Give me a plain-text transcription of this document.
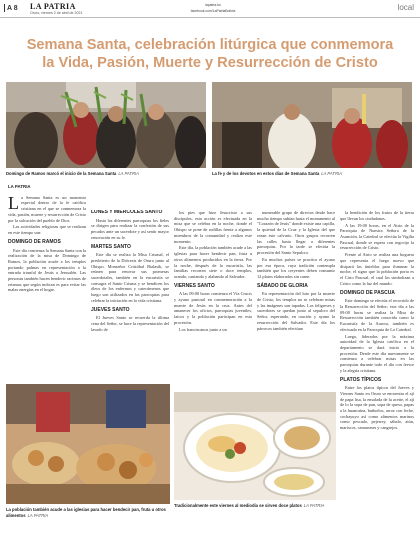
A 8 LA PATRIA
Oruro, viernes 2 de abril de 2021
lapatria.bo
facebook.com/LaPatriaBolivia	local
Semana Santa, celebración litúrgica que conmemora la Vida, Pasión, Muerte y Resurrección de Cristo
Domingo de Ramos marcó el inicio de la Semana Santa LA PATRIA	La fe y de los devotos en estos días de Semana Santa LA PATRIA
LA PATRIA

La Semana Santa es un momento especial dentro de la fe católica cristiana en el que se conmemora la vida, pasión, muerte y resurrección de Cristo por la salvación del pueblo de Dios.

Las actividades religiosas que se realizan en este tiempo son:

DOMINGO DE RAMOS

Este día comienza la Semana Santa con la realización de la misa de Domingo de Ramos, la población acude a los templos portando palmas en representación a la entrada triunfal de Jesús a Jerusalén. Las personas también hacen bendecir racimos de retamas que según indican es para evitar las malas energías en el hogar.

LUNES Y MIÉRCOLES SANTO

Hasta las diferentes parroquias los fieles se dirigen para realizar la confesión de sus pecados ante un sacerdote y así sentir mayor renovación en su fe.

MARTES SANTO

Este día se realiza la Misa Crismal, el presbiterio de la Diócesis de Oruro junto al Obispo, Monseñor Cristóbal Bialasik, se reúnen para renovar sus promesas sacerdotales, también en la eucaristía se consagra el Santo Crisma y se bendicen los óleos de los enfermos y catecúmenos que luego son utilizados en las parroquias para celebrar la iniciación en la vida cristiana.

JUEVES SANTO

El Jueves Santo se recuerda la última cena del Señor, se hace la representación del lavado de

los pies que hizo Jesucristo a sus discípulos, esta acción es efectuada en la misa que se celebra en la noche, donde el Obispo se pone de rodillas frente a algunos miembros de la comunidad y realiza este momento.

Este día, la población también acude a las iglesias para hacer bendecir pan, fruta u otros alimentos producidos en la tierra. Por la noche, después de la eucaristía, las familias recorren siete o doce templos, orando, cantando y alabando al Salvador.

VIERNES SANTO

A las 09:00 horas comienza el Vía Crucis y ayuno pastoral en conmemoración a la muerte de Jesús en la cruz. Antes del amanecer los oficios, parroquias juveniles, laicos y la población participan en esta procesión.

Los franciscanos junto a un

numerable grupo de directos desde hace mucho tiempo subían hasta el monumento al "Corazón de Jesús" donde existe una capilla, la quietud de la Cruz y la Iglesia del que rezan este calvario. Otros grupos recorren las calles hasta llegar a diferentes parroquias. Por la tarde se efectúa la procesión del Santo Sepulcro.

En muchos países se practica el ayuno por esa época, cuya tradición contempla también que los creyentes deben consumir 12 platos elaborados sin carne.

SÁBADO DE GLORIA

En representación del luto por la muerte de Cristo, los templos no se celebran misas y las imágenes son tapadas. Los feligreses y sacerdotes se quedan junto al sepulcro del Señor, esperando, en oración y ayuno la resurrección del Salvador. Este día los párrocos también efectúan

la bendición de los frutos de la tierra que llevan los ciudadanos.

A las 19:00 horas, en el Atrio de la Parroquia de Nuestra Señora de la Asunción, la Catedral se efectúa la Vigilia Pascual, donde se espera con regocijo la resurrección de Cristo.

Frente al Atrio se realiza una hoguera que representa el fuego nuevo que disipará las tinieblas para iluminar la noche, el signo que la población porta es el Cirio Pascual, el cual los simbolizan a Cristo como la luz del mundo.

DOMINGO DE PASCUA

Este domingo se efectúa el recorrido de la Resurrección del Señor; este día a las 09:00 horas se realiza la Misa de Resurrección también conocida como la Eucaristía de la Aurora, también es efectuada en la Parroquia de La Catedral.

Luego, liderados por la máxima autoridad de la Iglesia católica en el departamento se dará inicio a la procesión. Desde este día nuevamente se comienza a celebrar misas en las parroquias durante todo el día con fervor y la alegría cristiana.

PLATOS TÍPICOS

Entre los platos típicos del Jueves y Viernes Santo en Oruro se encuentra el ají de papa lisa, la ensalada de la aceite, el ají de lo la sopa de pan, sopa de queso, papas a la huancaína, buñuelos, arroz con leche, cochayuyo así como alimentos marinos como pescado, pejerrey, sábalo, atún, mariscos, camarones y cangrejos.

La población también acude a las iglesias para hacer bendecir pan, fruta u otros alimentos LA PATRIA
Tradicionalmente este viernes al mediodía se sirven doce platos LA PATRIA
